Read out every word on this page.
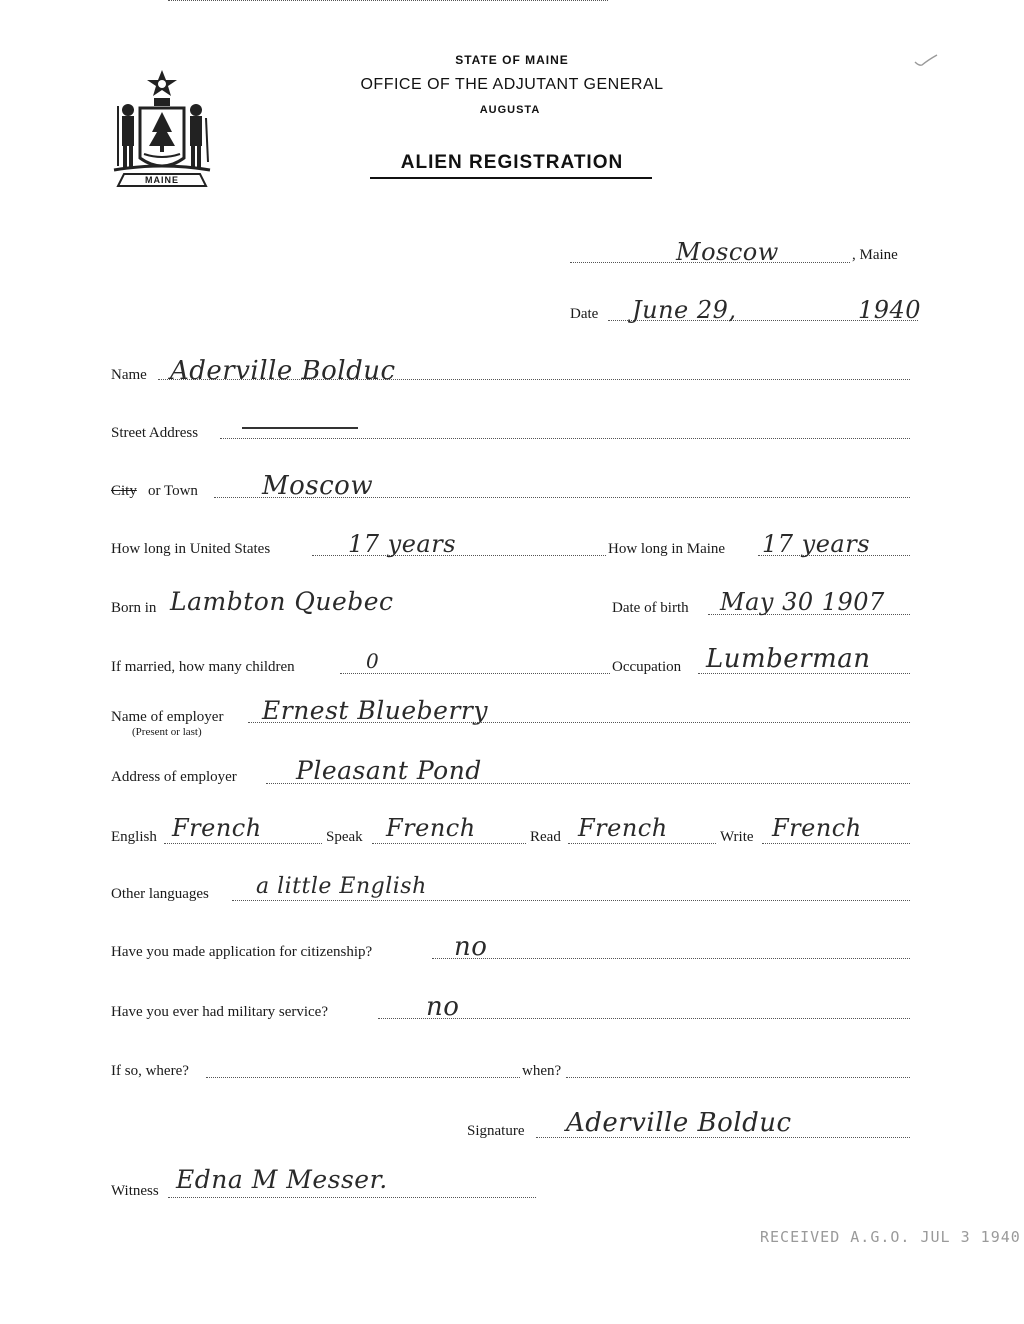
MAINE
STATE OF MAINE
OFFICE OF THE ADJUTANT GENERAL
AUGUSTA
ALIEN REGISTRATION
Moscow	, Maine
Date June 29,	1940
Name Aderville Bolduc
Street Address
City or Town Moscow
How long in United States	17 years	How long in Maine 17 years
Born in Lambton Quebec	Date of birth May 30 1907
If married, how many children	0	Occupation Lumberman
Name of employer
(Present or last)
Ernest Blueberry
Address of employer Pleasant Pond
English French	Speak French	Read French	Write French
Other languages a little English
Have you made application for citizenship?	no
Have you ever had military service?	no
If so, where?	when?
Signature Aderville Bolduc
Witness Edna M Messer.
RECEIVED A.G.O. JUL 3 1940
